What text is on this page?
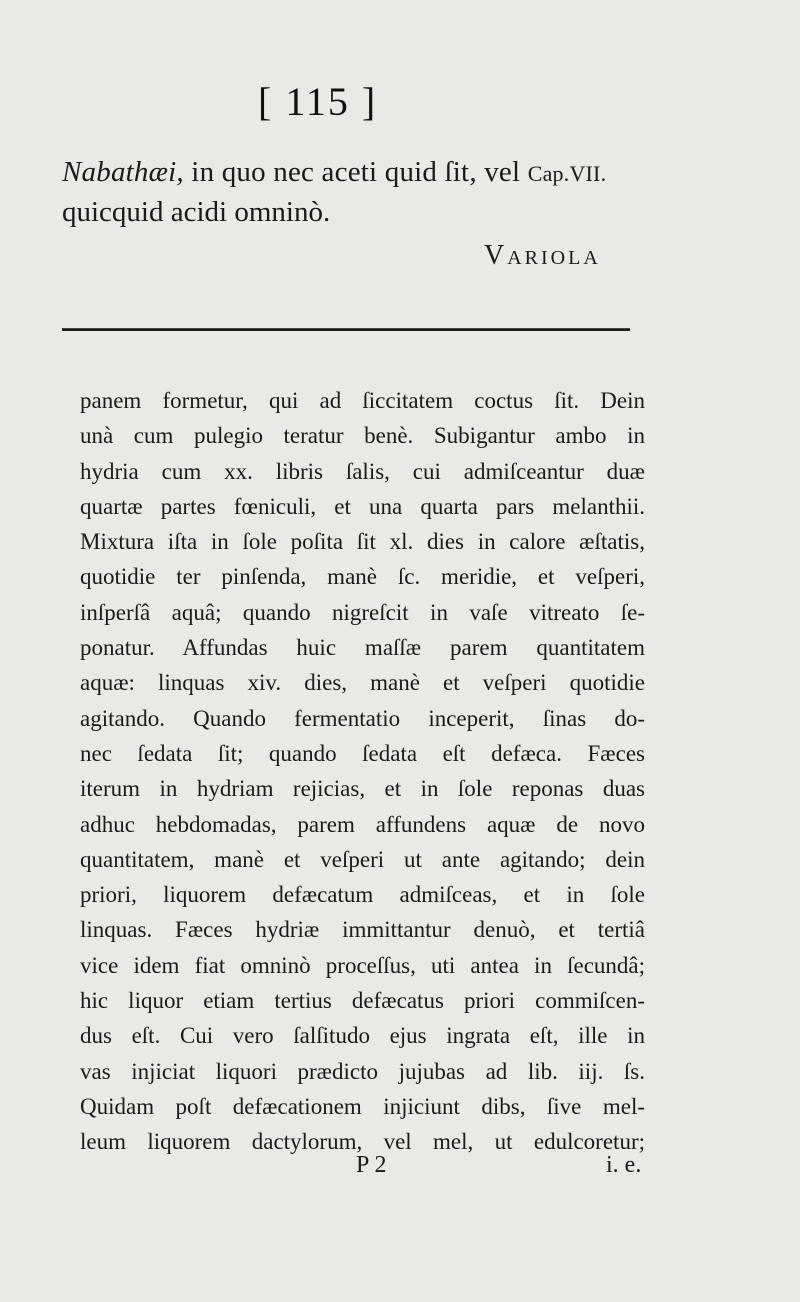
[ 115 ]
Nabathæi, in quo nec aceti quid ſit, vel Cap.VII.
quicquid acidi omninò.
Variola
panem formetur, qui ad ſiccitatem coctus ſit. Dein
unà cum pulegio teratur benè. Subigantur ambo in
hydria cum xx. libris ſalis, cui admiſceantur duæ
quartæ partes fœniculi, et una quarta pars melanthii.
Mixtura iſta in ſole poſita ſit xl. dies in calore æſtatis,
quotidie ter pinſenda, manè ſc. meridie, et veſperi,
inſperſâ aquâ; quando nigreſcit in vaſe vitreato ſe-
ponatur. Affundas huic maſſæ parem quantitatem
aquæ: linquas xiv. dies, manè et veſperi quotidie
agitando. Quando fermentatio inceperit, ſinas do-
nec ſedata ſit; quando ſedata eſt defæca. Fæces
iterum in hydriam rejicias, et in ſole reponas duas
adhuc hebdomadas, parem affundens aquæ de novo
quantitatem, manè et veſperi ut ante agitando; dein
priori, liquorem defæcatum admiſceas, et in ſole
linquas. Fæces hydriæ immittantur denuò, et tertiâ
vice idem fiat omninò proceſſus, uti antea in ſecundâ;
hic liquor etiam tertius defæcatus priori commiſcen-
dus eſt. Cui vero ſalſitudo ejus ingrata eſt, ille in
vas injiciat liquori prædicto jujubas ad lib. iij. ſs.
Quidam poſt defæcationem injiciunt dibs, ſive mel-
leum liquorem dactylorum, vel mel, ut edulcoretur;
P 2	i. e.
